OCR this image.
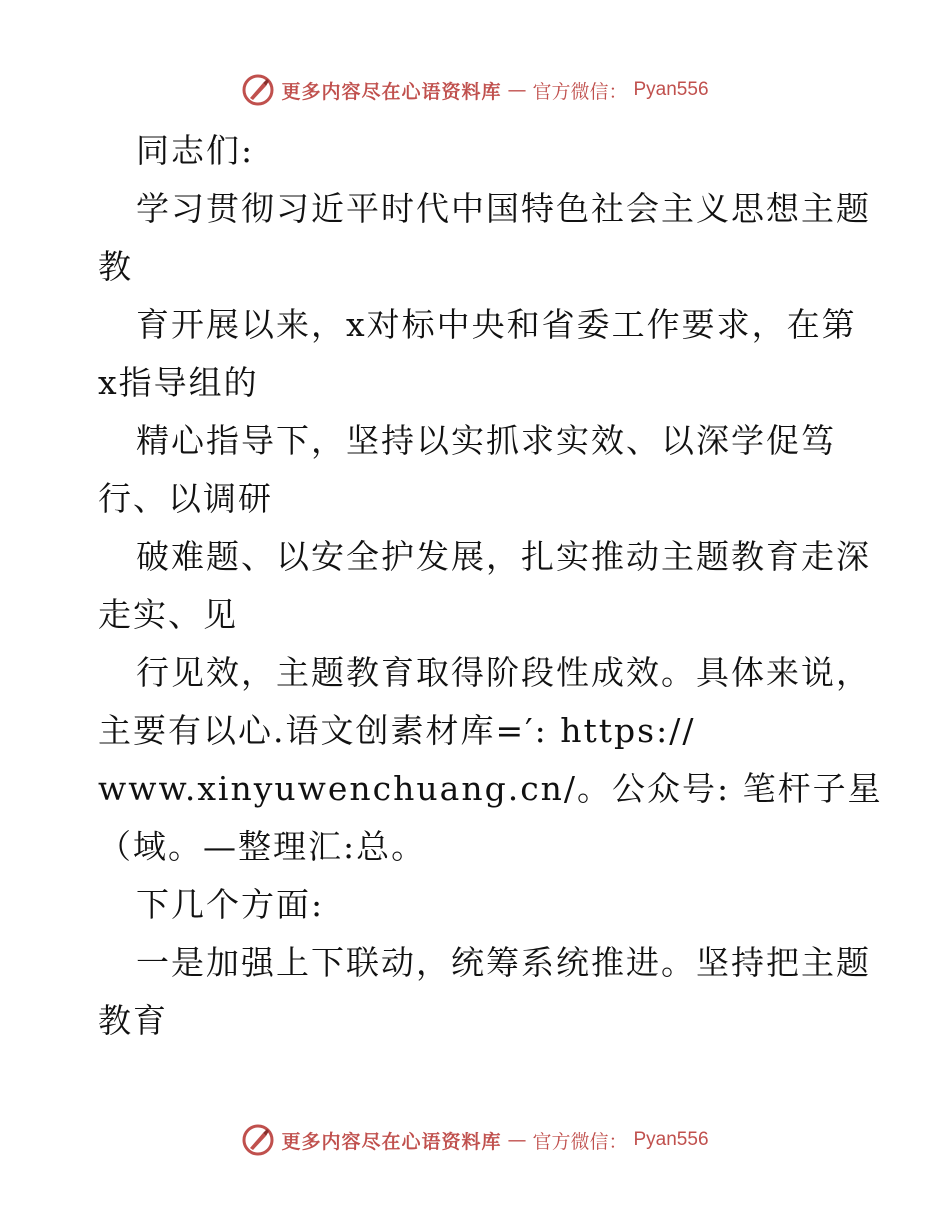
更多内容尽在心语资料库 — 官方微信： Pyan556
同志们:
学习贯彻习近平时代中国特色社会主义思想主题
教
育开展以来，x对标中央和省委工作要求，在第
x指导组的
精心指导下，坚持以实抓求实效、以深学促笃
行、以调研
破难题、以安全护发展，扎实推动主题教育走深
走实、见
行见效，主题教育取得阶段性成效。具体来说，
主要有以心.语文创素材库=′: https://
www.xinyuwenchuang.cn/。公众号: 笔杆子星
（域。—整理汇:总。
下几个方面:
一是加强上下联动，统筹系统推进。坚持把主题
教育
更多内容尽在心语资料库 — 官方微信： Pyan556
